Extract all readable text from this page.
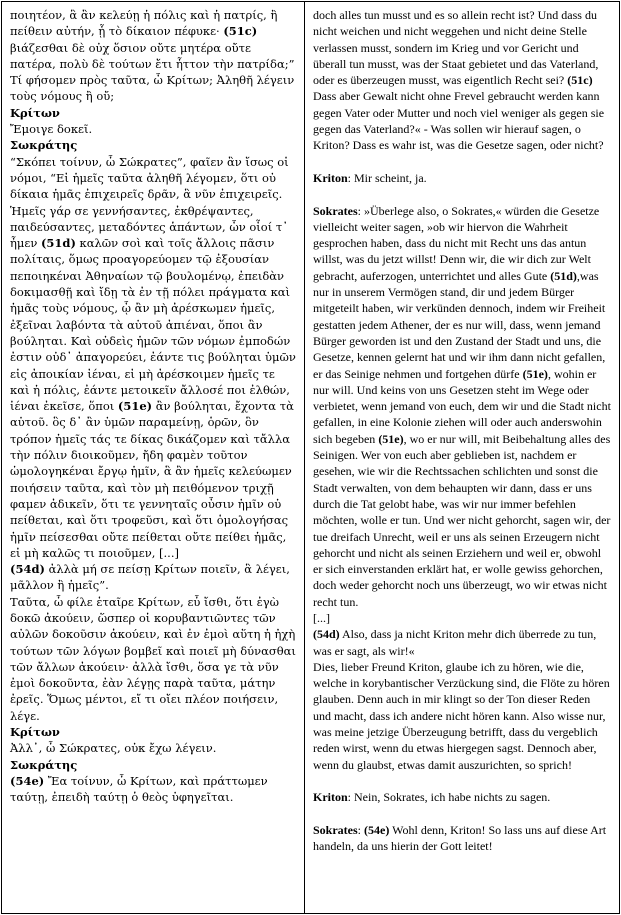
ποιητέον, ἃ ἂν κελεύῃ ἡ πόλις καὶ ἡ πατρίς, ἢ πείθειν αὐτήν, ᾗ τὸ δίκαιον πέφυκε· (51c) βιάζεσθαι δὲ οὐχ ὅσιον οὔτε μητέρα οὔτε πατέρα, πολὺ δὲ τούτων ἔτι ἧττον τὴν πατρίδα;” Τί φήσομεν πρὸς ταῦτα, ὦ Κρίτων; Ἀληθῆ λέγειν τοὺς νόμους ἢ οὔ;
Κρίτων
Ἔμοιγε δοκεῖ.
Σωκράτης
“Σκόπει τοίνυν, ὦ Σώκρατες”, φαῖεν ἂν ἴσως οἱ νόμοι, “Εἰ ἡμεῖς ταῦτα ἀληθῆ λέγομεν, ὅτι οὐ δίκαια ἡμᾶς ἐπιχειρεῖς δρᾶν, ἃ νῦν ἐπιχειρεῖς. Ἡμεῖς γάρ σε γεννήσαντες, ἐκθρέψαντες, παιδεύσαντες, μεταδόντες ἁπάντων, ὧν οἷοί τ᾽ ἦμεν (51d) καλῶν σοὶ καὶ τοῖς ἄλλοις πᾶσιν πολίταις, ὅμως προαγορεύομεν τῷ ἐξουσίαν πεποιηκέναι Ἀθηναίων τῷ βουλομένῳ, ἐπειδὰν δοκιμασθῇ καὶ ἴδῃ τὰ ἐν τῇ πόλει πράγματα καὶ ἡμᾶς τοὺς νόμους, ᾧ ἂν μὴ ἀρέσκωμεν ἡμεῖς, ἐξεῖναι λαβόντα τὰ αὑτοῦ ἀπιέναι, ὅποι ἂν βούληται. Καὶ οὐδεὶς ἡμῶν τῶν νόμων ἐμποδών ἐστιν οὐδ᾽ ἀπαγορεύει, ἐάντε τις βούληται ὑμῶν εἰς ἀποικίαν ἰέναι, εἰ μὴ ἀρέσκοιμεν ἡμεῖς τε καὶ ἡ πόλις, ἐάντε μετοικεῖν ἄλλοσέ ποι ἐλθών, ἰέναι ἐκεῖσε, ὅποι (51e) ἂν βούληται, ἔχοντα τὰ αὑτοῦ. ὃς δ᾽ ἂν ὑμῶν παραμείνῃ, ὁρῶν, ὃν τρόπον ἡμεῖς τάς τε δίκας δικάζομεν καὶ τἄλλα τὴν πόλιν διοικοῦμεν, ἤδη φαμὲν τοῦτον ὡμολογηκέναι ἔργῳ ἡμῖν, ἃ ἂν ἡμεῖς κελεύωμεν ποιήσειν ταῦτα, καὶ τὸν μὴ πειθόμενον τριχῇ φαμεν ἀδικεῖν, ὅτι τε γεννηταῖς οὖσιν ἡμῖν οὐ πείθεται, καὶ ὅτι τροφεῦσι, καὶ ὅτι ὁμολογήσας ἡμῖν πείσεσθαι οὔτε πείθεται οὔτε πείθει ἡμᾶς, εἰ μὴ καλῶς τι ποιοῦμεν, [...]
(54d) ἀλλὰ μή σε πείσῃ Κρίτων ποιεῖν, ἃ λέγει, μᾶλλον ἢ ἡμεῖς”.
Ταῦτα, ὦ φίλε ἑταῖρε Κρίτων, εὖ ἴσθι, ὅτι ἐγὼ δοκῶ ἀκούειν, ὥσπερ οἱ κορυβαντιῶντες τῶν αὐλῶν δοκοῦσιν ἀκούειν, καὶ ἐν ἐμοὶ αὕτη ἡ ἠχὴ τούτων τῶν λόγων βομβεῖ καὶ ποιεῖ μὴ δύνασθαι τῶν ἄλλων ἀκούειν· ἀλλὰ ἴσθι, ὅσα γε τὰ νῦν ἐμοὶ δοκοῦντα, ἐὰν λέγῃς παρὰ ταῦτα, μάτην ἐρεῖς. Ὅμως μέντοι, εἴ τι οἴει πλέον ποιήσειν, λέγε.
Κρίτων
Ἀλλ᾽, ὦ Σώκρατες, οὐκ ἔχω λέγειν.
Σωκράτης
(54e) Ἔα τοίνυν, ὦ Κρίτων, καὶ πράττωμεν ταύτῃ, ἐπειδὴ ταύτῃ ὁ θεὸς ὑφηγεῖται.
doch alles tun musst und es so allein recht ist? Und dass du nicht weichen und nicht weggehen und nicht deine Stelle verlassen musst, sondern im Krieg und vor Gericht und überall tun musst, was der Staat gebietet und das Vaterland, oder es überzeugen musst, was eigentlich Recht sei? (51c) Dass aber Gewalt nicht ohne Frevel gebraucht werden kann gegen Vater oder Mutter und noch viel weniger als gegen sie gegen das Vaterland?« - Was sollen wir hierauf sagen, o Kriton? Dass es wahr ist, was die Gesetze sagen, oder nicht?
Kriton: Mir scheint, ja.
Sokrates: »Überlege also, o Sokrates,« würden die Gesetze vielleicht weiter sagen, »ob wir hiervon die Wahrheit gesprochen haben, dass du nicht mit Recht uns das antun willst, was du jetzt willst! Denn wir, die wir dich zur Welt gebracht, auferzogen, unterrichtet und alles Gute (51d),was nur in unserem Vermögen stand, dir und jedem Bürger mitgeteilt haben, wir verkünden dennoch, indem wir Freiheit gestatten jedem Athener, der es nur will, dass, wenn jemand Bürger geworden ist und den Zustand der Stadt und uns, die Gesetze, kennen gelernt hat und wir ihm dann nicht gefallen, er das Seinige nehmen und fortgehen dürfe (51e), wohin er nur will. Und keins von uns Gesetzen steht im Wege oder verbietet, wenn jemand von euch, dem wir und die Stadt nicht gefallen, in eine Kolonie ziehen will oder auch anderswohin sich begeben (51e), wo er nur will, mit Beibehaltung alles des Seinigen. Wer von euch aber geblieben ist, nachdem er gesehen, wie wir die Rechtssachen schlichten und sonst die Stadt verwalten, von dem behaupten wir dann, dass er uns durch die Tat gelobt habe, was wir nur immer befehlen möchten, wolle er tun. Und wer nicht gehorcht, sagen wir, der tue dreifach Unrecht, weil er uns als seinen Erzeugern nicht gehorcht und nicht als seinen Erziehern und weil er, obwohl er sich einverstanden erklärt hat, er wolle gewiss gehorchen, doch weder gehorcht noch uns überzeugt, wo wir etwas nicht recht tun.
[...]
(54d) Also, dass ja nicht Kriton mehr dich überrede zu tun, was er sagt, als wir!«
Dies, lieber Freund Kriton, glaube ich zu hören, wie die, welche in korybantischer Verzückung sind, die Flöte zu hören glauben. Denn auch in mir klingt so der Ton dieser Reden und macht, dass ich andere nicht hören kann. Also wisse nur, was meine jetzige Überzeugung betrifft, dass du vergeblich reden wirst, wenn du etwas hiergegen sagst. Dennoch aber, wenn du glaubst, etwas damit auszurichten, so sprich!
Kriton: Nein, Sokrates, ich habe nichts zu sagen.
Sokrates: (54e) Wohl denn, Kriton! So lass uns auf diese Art handeln, da uns hierin der Gott leitet!
